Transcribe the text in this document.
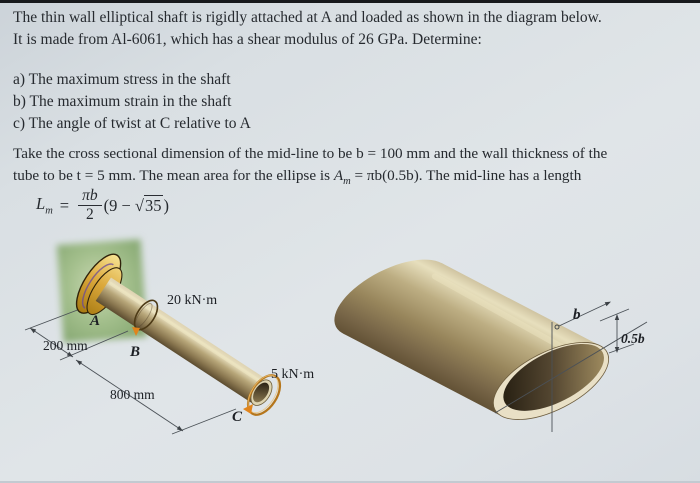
The thin wall elliptical shaft is rigidly attached at A and loaded as shown in the diagram below.
It is made from Al-6061, which has a shear modulus of 26 GPa. Determine:
a) The maximum stress in the shaft
b) The maximum strain in the shaft
c) The angle of twist at C relative to A
Take the cross sectional dimension of the mid-line to be b = 100 mm and the wall thickness of the
tube to be t = 5 mm. The mean area for the ellipse is $A_m = \pi b(0.5b)$. The mid-line has a length
$L_m = \frac{\pi b}{2} (9 - √35$ )
A
B
C
20 kN·m
5 kN·m
200 mm
800 mm
b
0.5b
